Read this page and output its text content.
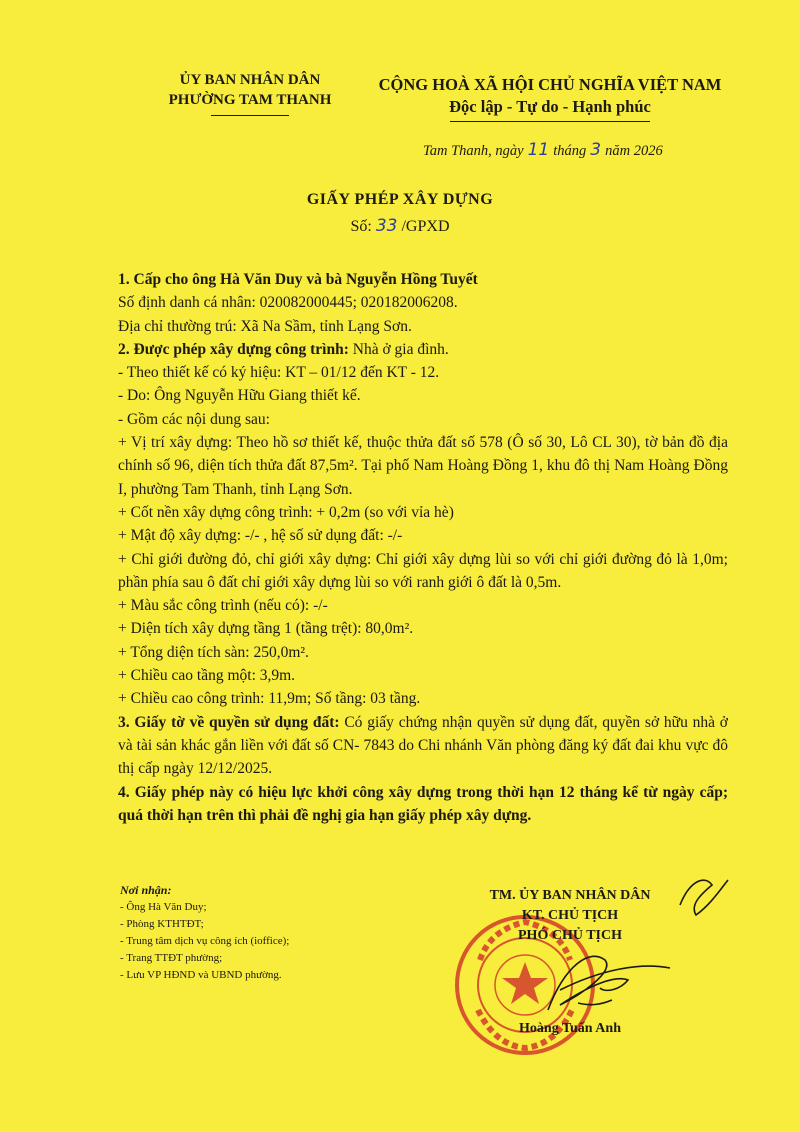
ỦY BAN NHÂN DÂN
PHƯỜNG TAM THANH
CỘNG HOÀ XÃ HỘI CHỦ NGHĨA VIỆT NAM
Độc lập - Tự do - Hạnh phúc
Tam Thanh, ngày 11 tháng 3 năm 2026
GIẤY PHÉP XÂY DỰNG
Số: 33 /GPXD

1. Cấp cho ông Hà Văn Duy và bà Nguyễn Hồng Tuyết

Số định danh cá nhân: 020082000445; 020182006208.

Địa chỉ thường trú: Xã Na Sầm, tỉnh Lạng Sơn.

2. Được phép xây dựng công trình: Nhà ở gia đình.

- Theo thiết kế có ký hiệu: KT – 01/12 đến KT - 12.

- Do: Ông Nguyễn Hữu Giang thiết kế.

- Gồm các nội dung sau:

+ Vị trí xây dựng: Theo hồ sơ thiết kế, thuộc thửa đất số 578 (Ô số 30, Lô CL 30), tờ bản đồ địa chính số 96, diện tích thửa đất 87,5m². Tại phố Nam Hoàng Đồng 1, khu đô thị Nam Hoàng Đồng I, phường Tam Thanh, tỉnh Lạng Sơn.

+ Cốt nền xây dựng công trình: + 0,2m (so với vỉa hè)

+ Mật độ xây dựng: -/- , hệ số sử dụng đất: -/-

+ Chỉ giới đường đỏ, chỉ giới xây dựng: Chỉ giới xây dựng lùi so với chỉ giới đường đỏ là 1,0m; phần phía sau ô đất chỉ giới xây dựng lùi so với ranh giới ô đất là 0,5m.

+ Màu sắc công trình (nếu có): -/-

+ Diện tích xây dựng tầng 1 (tầng trệt): 80,0m².

+ Tổng diện tích sàn: 250,0m².

+ Chiều cao tầng một: 3,9m.

+ Chiều cao công trình: 11,9m; Số tầng: 03 tầng.

3. Giấy tờ về quyền sử dụng đất: Có giấy chứng nhận quyền sử dụng đất, quyền sở hữu nhà ở và tài sản khác gắn liền với đất số CN- 7843 do Chi nhánh Văn phòng đăng ký đất đai khu vực đô thị cấp ngày 12/12/2025.

4. Giấy phép này có hiệu lực khởi công xây dựng trong thời hạn 12 tháng kể từ ngày cấp; quá thời hạn trên thì phải đề nghị gia hạn giấy phép xây dựng.

Nơi nhận:
- Ông Hà Văn Duy;
- Phòng KTHTĐT;
- Trung tâm dịch vụ công ích (ioffice);
- Trang TTĐT phường;
- Lưu VP HĐND và UBND phường.
TM. ỦY BAN NHÂN DÂN
KT. CHỦ TỊCH
PHÓ CHỦ TỊCH
Hoàng Tuấn Anh
